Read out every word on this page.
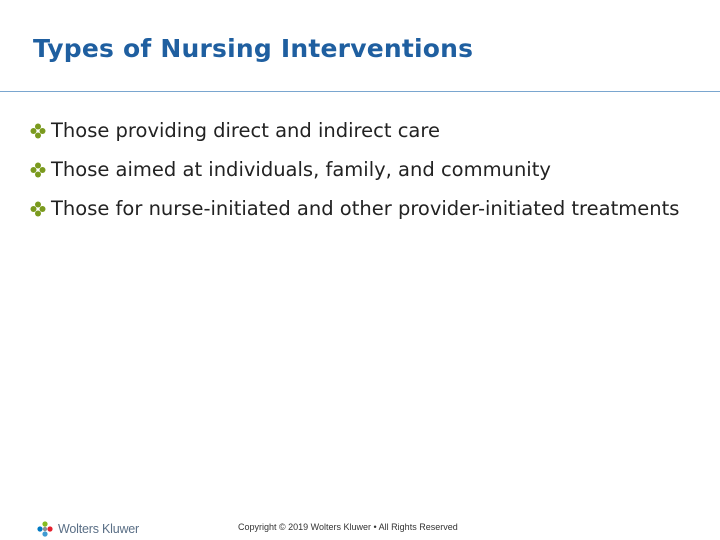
Types of Nursing Interventions
Those providing direct and indirect care
Those aimed at individuals, family, and community
Those for nurse-initiated and other provider-initiated treatments
Wolters Kluwer	Copyright © 2019 Wolters Kluwer • All Rights Reserved
